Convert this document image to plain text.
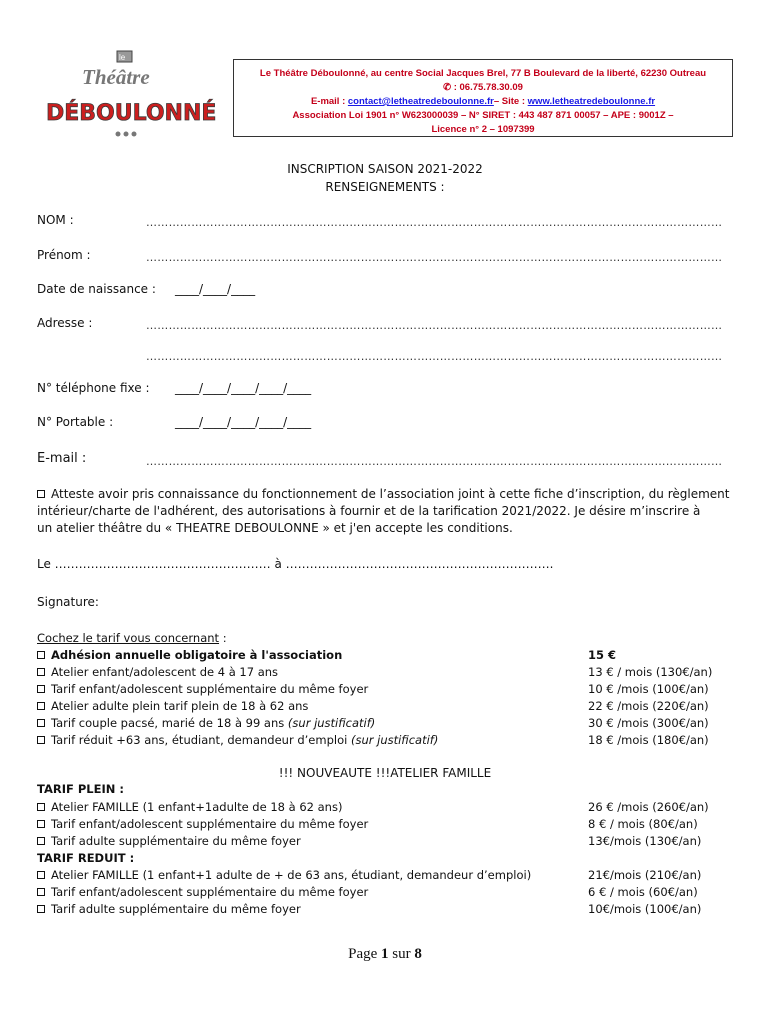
le
Théâtre
DÉBOULONNÉ
Le Théâtre Déboulonné, au centre Social Jacques Brel, 77 B Boulevard de la liberté, 62230 Outreau
✆ : 06.75.78.30.09
E-mail : contact@letheatredeboulonne.fr– Site : www.letheatredeboulonne.fr
Association Loi 1901 n° W623000039 – N° SIRET : 443 487 871 00057 – APE : 9001Z –
Licence n° 2 – 1097399
INSCRIPTION SAISON 2021-2022
RENSEIGNEMENTS :
NOM :	………………………………………………………………………………………………………………………………………
Prénom :	………………………………………………………………………………………………………………………………………
Date de naissance : ____/____/____
Adresse :	………………………………………………………………………………………………………………………………………
………………………………………………………………………………………………………………………………………
N° téléphone fixe : ____/____/____/____/____
N° Portable :	____/____/____/____/____
E-mail :	………………………………………………………………………………………………………………………………………
Atteste avoir pris connaissance du fonctionnement de l’association joint à cette fiche d’inscription, du règlement
intérieur/charte de l'adhérent, des autorisations à fournir et de la tarification 2021/2022. Je désire m’inscrire à
un atelier théâtre du « THEATRE DEBOULONNE » et j'en accepte les conditions.
Le ……………………………………………… à ………………………………………………………….
Signature:
Cochez le tarif vous concernant :
Adhésion annuelle obligatoire à l'association	15 €
Atelier enfant/adolescent de 4 à 17 ans	13 € / mois (130€/an)
Tarif enfant/adolescent supplémentaire du même foyer	10 € /mois (100€/an)
Atelier adulte plein tarif plein de 18 à 62 ans	22 € /mois (220€/an)
Tarif couple pacsé, marié de 18 à 99 ans (sur justificatif)	30 € /mois (300€/an)
Tarif réduit +63 ans, étudiant, demandeur d’emploi (sur justificatif)	18 € /mois (180€/an)
!!! NOUVEAUTE !!!ATELIER FAMILLE
TARIF PLEIN :
Atelier FAMILLE (1 enfant+1adulte de 18 à 62 ans)	26 € /mois (260€/an)
Tarif enfant/adolescent supplémentaire du même foyer	8 € / mois (80€/an)
Tarif adulte supplémentaire du même foyer	13€/mois (130€/an)
TARIF REDUIT :
Atelier FAMILLE (1 enfant+1 adulte de + de 63 ans, étudiant, demandeur d’emploi)	21€/mois (210€/an)
Tarif enfant/adolescent supplémentaire du même foyer	6 € / mois (60€/an)
Tarif adulte supplémentaire du même foyer	10€/mois (100€/an)
Page 1 sur 8
